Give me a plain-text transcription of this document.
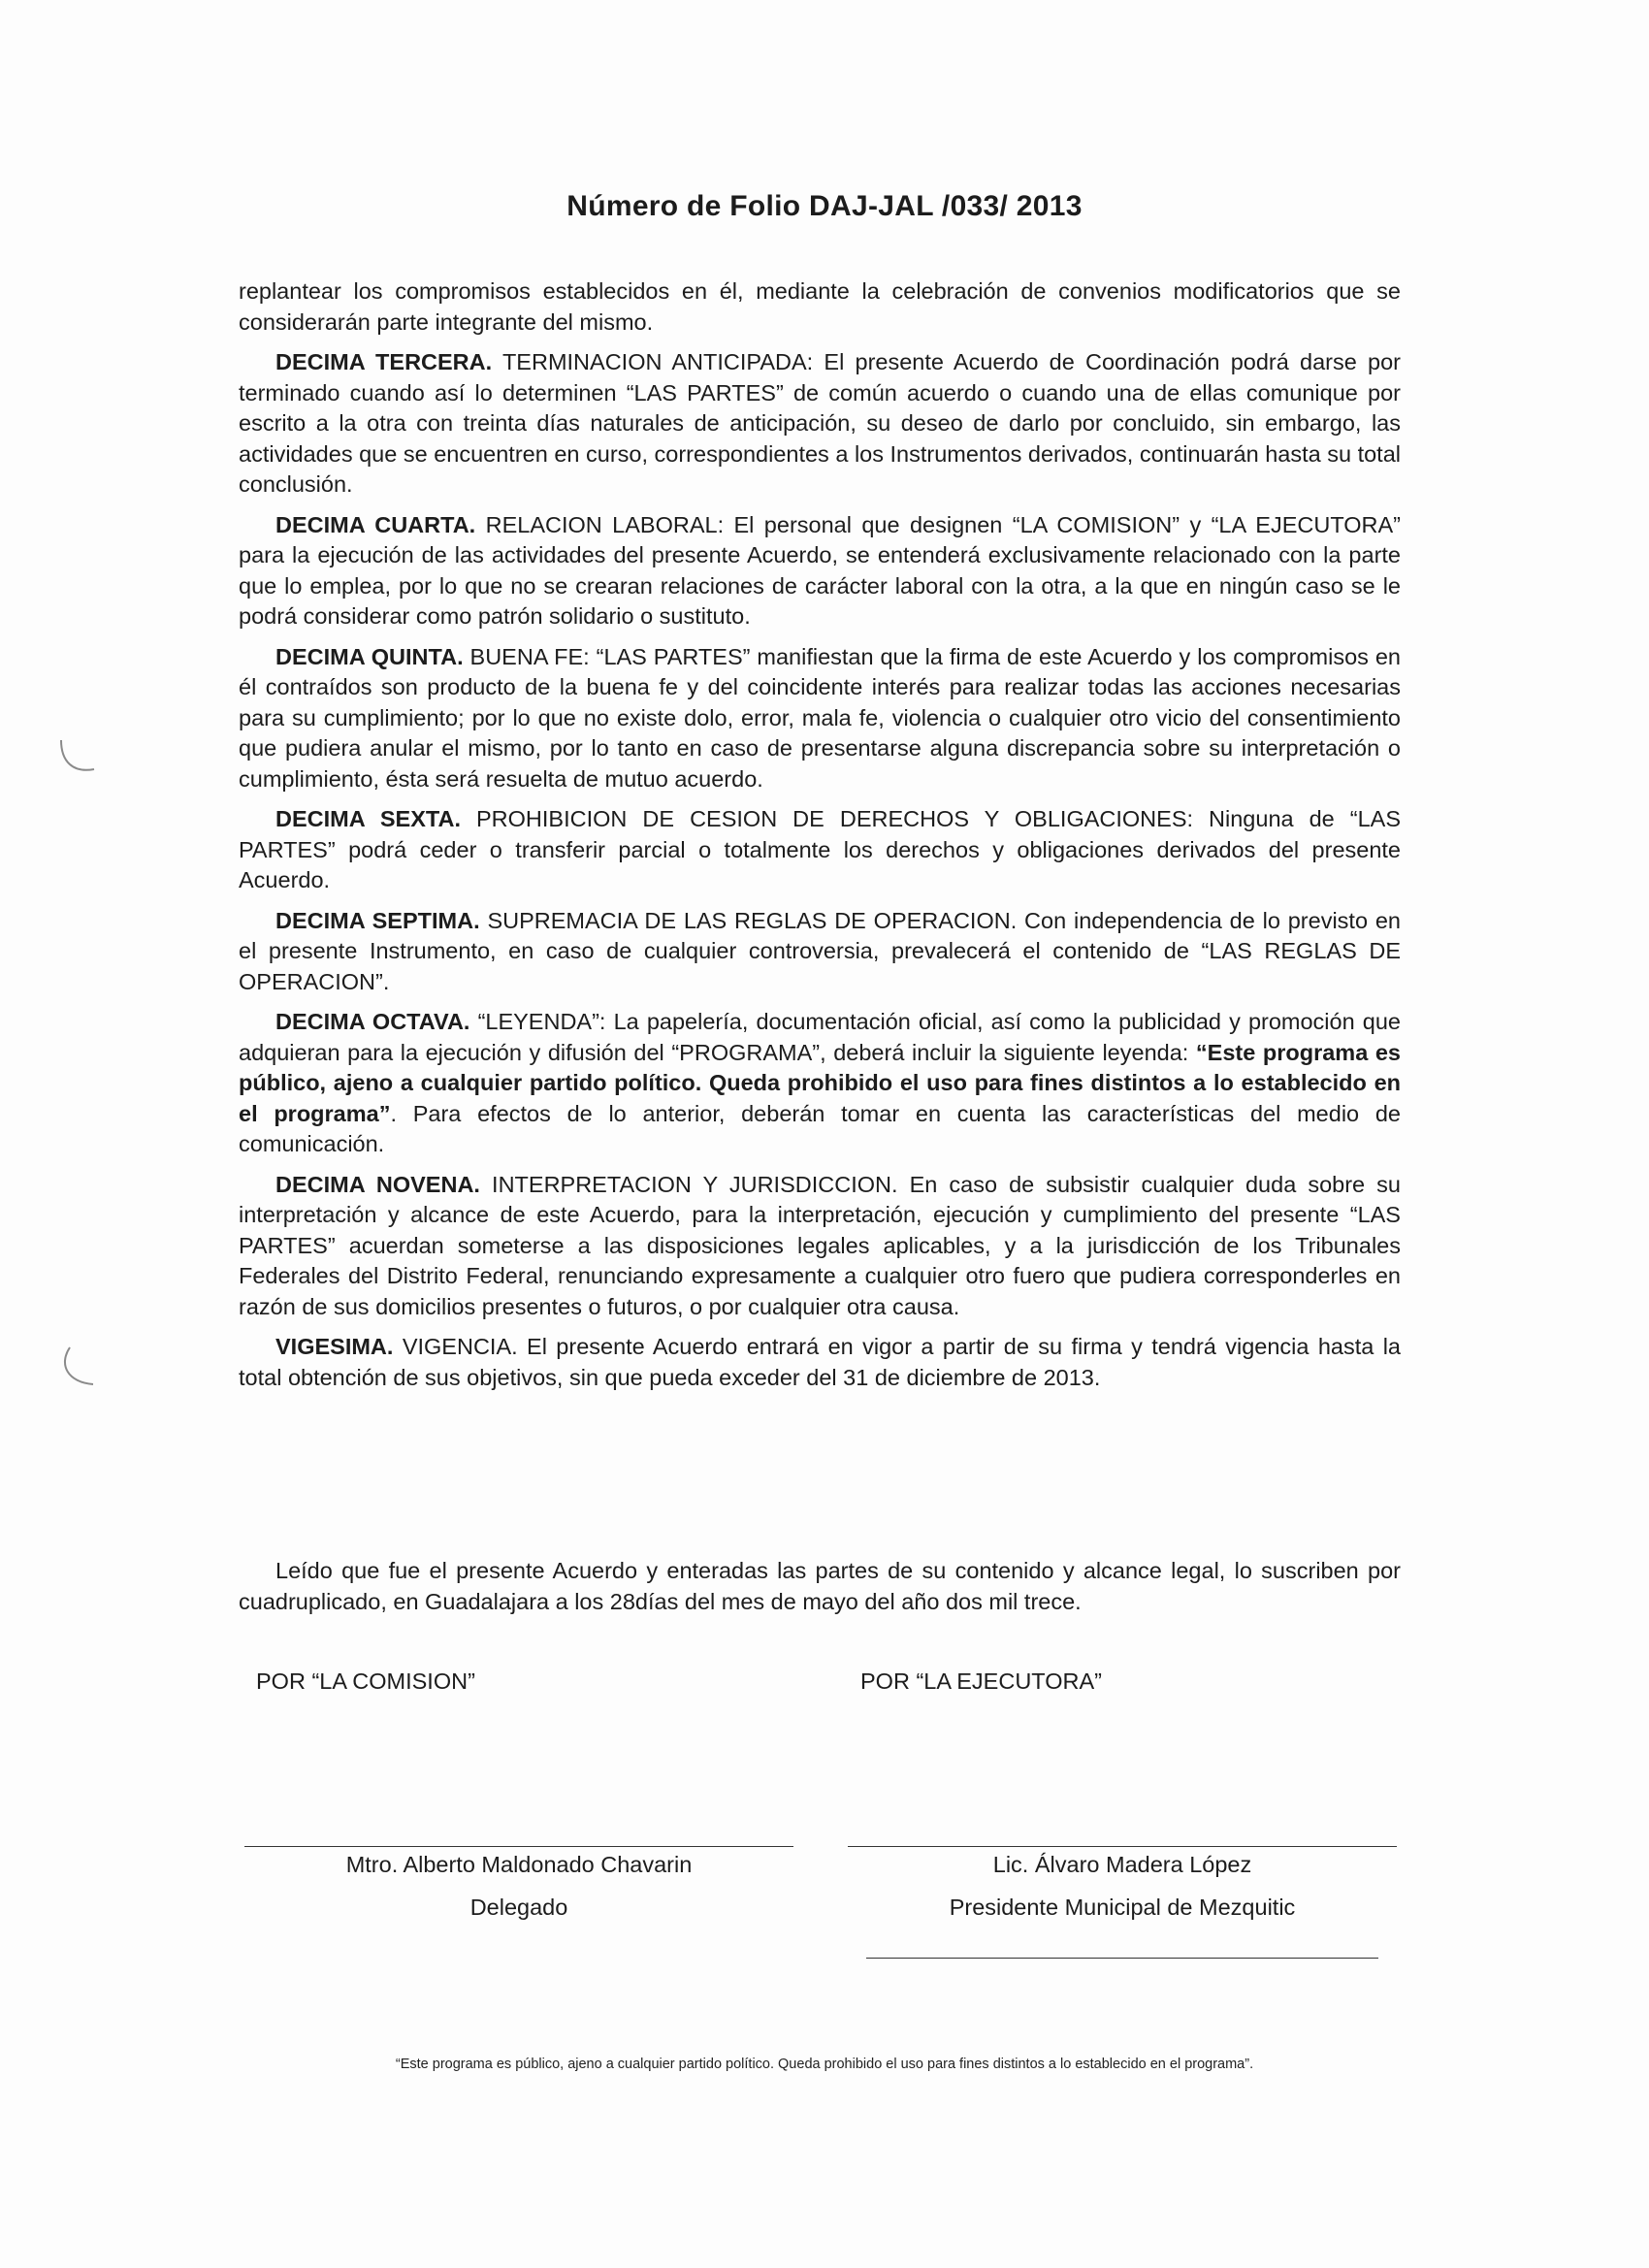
Número de Folio DAJ-JAL /033/ 2013

replantear los compromisos establecidos en él, mediante la celebración de convenios modificatorios que se considerarán parte integrante del mismo.

DECIMA TERCERA. TERMINACION ANTICIPADA: El presente Acuerdo de Coordinación podrá darse por terminado cuando así lo determinen “LAS PARTES” de común acuerdo o cuando una de ellas comunique por escrito a la otra con treinta días naturales de anticipación, su deseo de darlo por concluido, sin embargo, las actividades que se encuentren en curso, correspondientes a los Instrumentos derivados, continuarán hasta su total conclusión.

DECIMA CUARTA. RELACION LABORAL: El personal que designen “LA COMISION” y “LA EJECUTORA” para la ejecución de las actividades del presente Acuerdo, se entenderá exclusivamente relacionado con la parte que lo emplea, por lo que no se crearan relaciones de carácter laboral con la otra, a la que en ningún caso se le podrá considerar como patrón solidario o sustituto.

DECIMA QUINTA. BUENA FE: “LAS PARTES” manifiestan que la firma de este Acuerdo y los compromisos en él contraídos son producto de la buena fe y del coincidente interés para realizar todas las acciones necesarias para su cumplimiento; por lo que no existe dolo, error, mala fe, violencia o cualquier otro vicio del consentimiento que pudiera anular el mismo, por lo tanto en caso de presentarse alguna discrepancia sobre su interpretación o cumplimiento, ésta será resuelta de mutuo acuerdo.

DECIMA SEXTA. PROHIBICION DE CESION DE DERECHOS Y OBLIGACIONES: Ninguna de “LAS PARTES” podrá ceder o transferir parcial o totalmente los derechos y obligaciones derivados del presente Acuerdo.

DECIMA SEPTIMA. SUPREMACIA DE LAS REGLAS DE OPERACION. Con independencia de lo previsto en el presente Instrumento, en caso de cualquier controversia, prevalecerá el contenido de “LAS REGLAS DE OPERACION”.

DECIMA OCTAVA. “LEYENDA”: La papelería, documentación oficial, así como la publicidad y promoción que adquieran para la ejecución y difusión del “PROGRAMA”, deberá incluir la siguiente leyenda: “Este programa es público, ajeno a cualquier partido político. Queda prohibido el uso para fines distintos a lo establecido en el programa”. Para efectos de lo anterior, deberán tomar en cuenta las características del medio de comunicación.

DECIMA NOVENA. INTERPRETACION Y JURISDICCION. En caso de subsistir cualquier duda sobre su interpretación y alcance de este Acuerdo, para la interpretación, ejecución y cumplimiento del presente “LAS PARTES” acuerdan someterse a las disposiciones legales aplicables, y a la jurisdicción de los Tribunales Federales del Distrito Federal, renunciando expresamente a cualquier otro fuero que pudiera corresponderles en razón de sus domicilios presentes o futuros, o por cualquier otra causa.

VIGESIMA. VIGENCIA. El presente Acuerdo entrará en vigor a partir de su firma y tendrá vigencia hasta la total obtención de sus objetivos, sin que pueda exceder del 31 de diciembre de 2013.

Leído que fue el presente Acuerdo y enteradas las partes de su contenido y alcance legal, lo suscriben por cuadruplicado, en Guadalajara a los 28días del mes de mayo del año dos mil trece.
POR “LA COMISION”	POR “LA EJECUTORA”
Mtro. Alberto Maldonado Chavarin
Delegado
Lic. Álvaro Madera López
Presidente Municipal de Mezquitic
“Este programa es público, ajeno a cualquier partido político. Queda prohibido el uso para fines distintos a lo establecido en el programa”.
